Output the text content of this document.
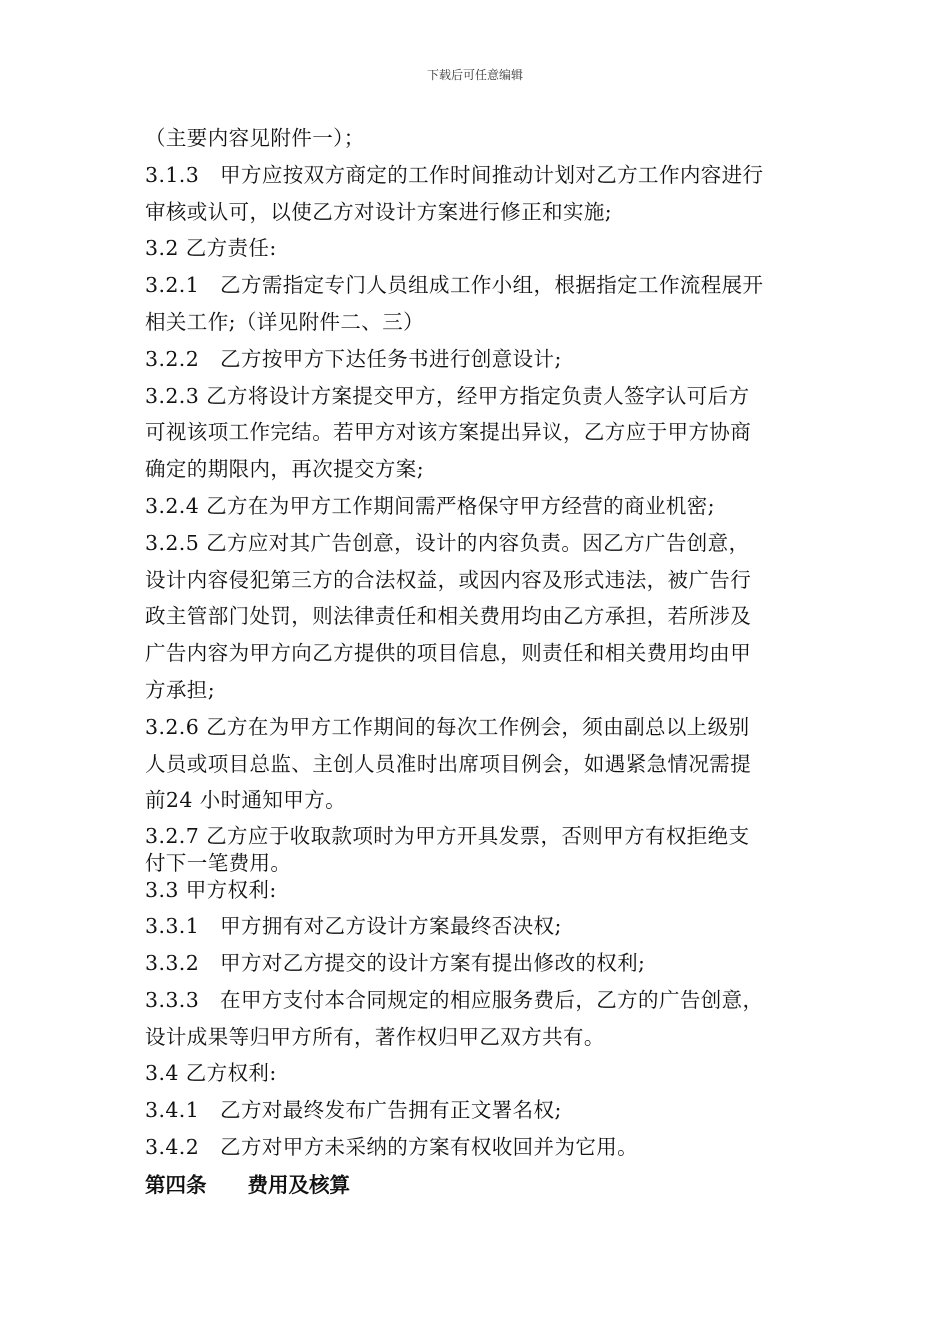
下载后可任意编辑
（主要内容见附件一）；
3.1.3　甲方应按双方商定的工作时间推动计划对乙方工作内容进行
审核或认可，以使乙方对设计方案进行修正和实施;
3.2 乙方责任:
3.2.1　乙方需指定专门人员组成工作小组，根据指定工作流程展开
相关工作;（详见附件二、三）
3.2.2　乙方按甲方下达任务书进行创意设计;
3.2.3 乙方将设计方案提交甲方，经甲方指定负责人签字认可后方
可视该项工作完结。若甲方对该方案提出异议，乙方应于甲方协商
确定的期限内，再次提交方案;
3.2.4 乙方在为甲方工作期间需严格保守甲方经营的商业机密;
3.2.5 乙方应对其广告创意，设计的内容负责。因乙方广告创意，
设计内容侵犯第三方的合法权益，或因内容及形式违法，被广告行
政主管部门处罚，则法律责任和相关费用均由乙方承担，若所涉及
广告内容为甲方向乙方提供的项目信息，则责任和相关费用均由甲
方承担;
3.2.6 乙方在为甲方工作期间的每次工作例会，须由副总以上级别
人员或项目总监、主创人员准时出席项目例会，如遇紧急情况需提
前24 小时通知甲方。
3.2.7 乙方应于收取款项时为甲方开具发票，否则甲方有权拒绝支
付下一笔费用。
3.3 甲方权利:
3.3.1　甲方拥有对乙方设计方案最终否决权;
3.3.2　甲方对乙方提交的设计方案有提出修改的权利;
3.3.3　在甲方支付本合同规定的相应服务费后，乙方的广告创意，
设计成果等归甲方所有，著作权归甲乙双方共有。
3.4 乙方权利:
3.4.1　乙方对最终发布广告拥有正文署名权;
3.4.2　乙方对甲方未采纳的方案有权收回并为它用。
第四条　　费用及核算
